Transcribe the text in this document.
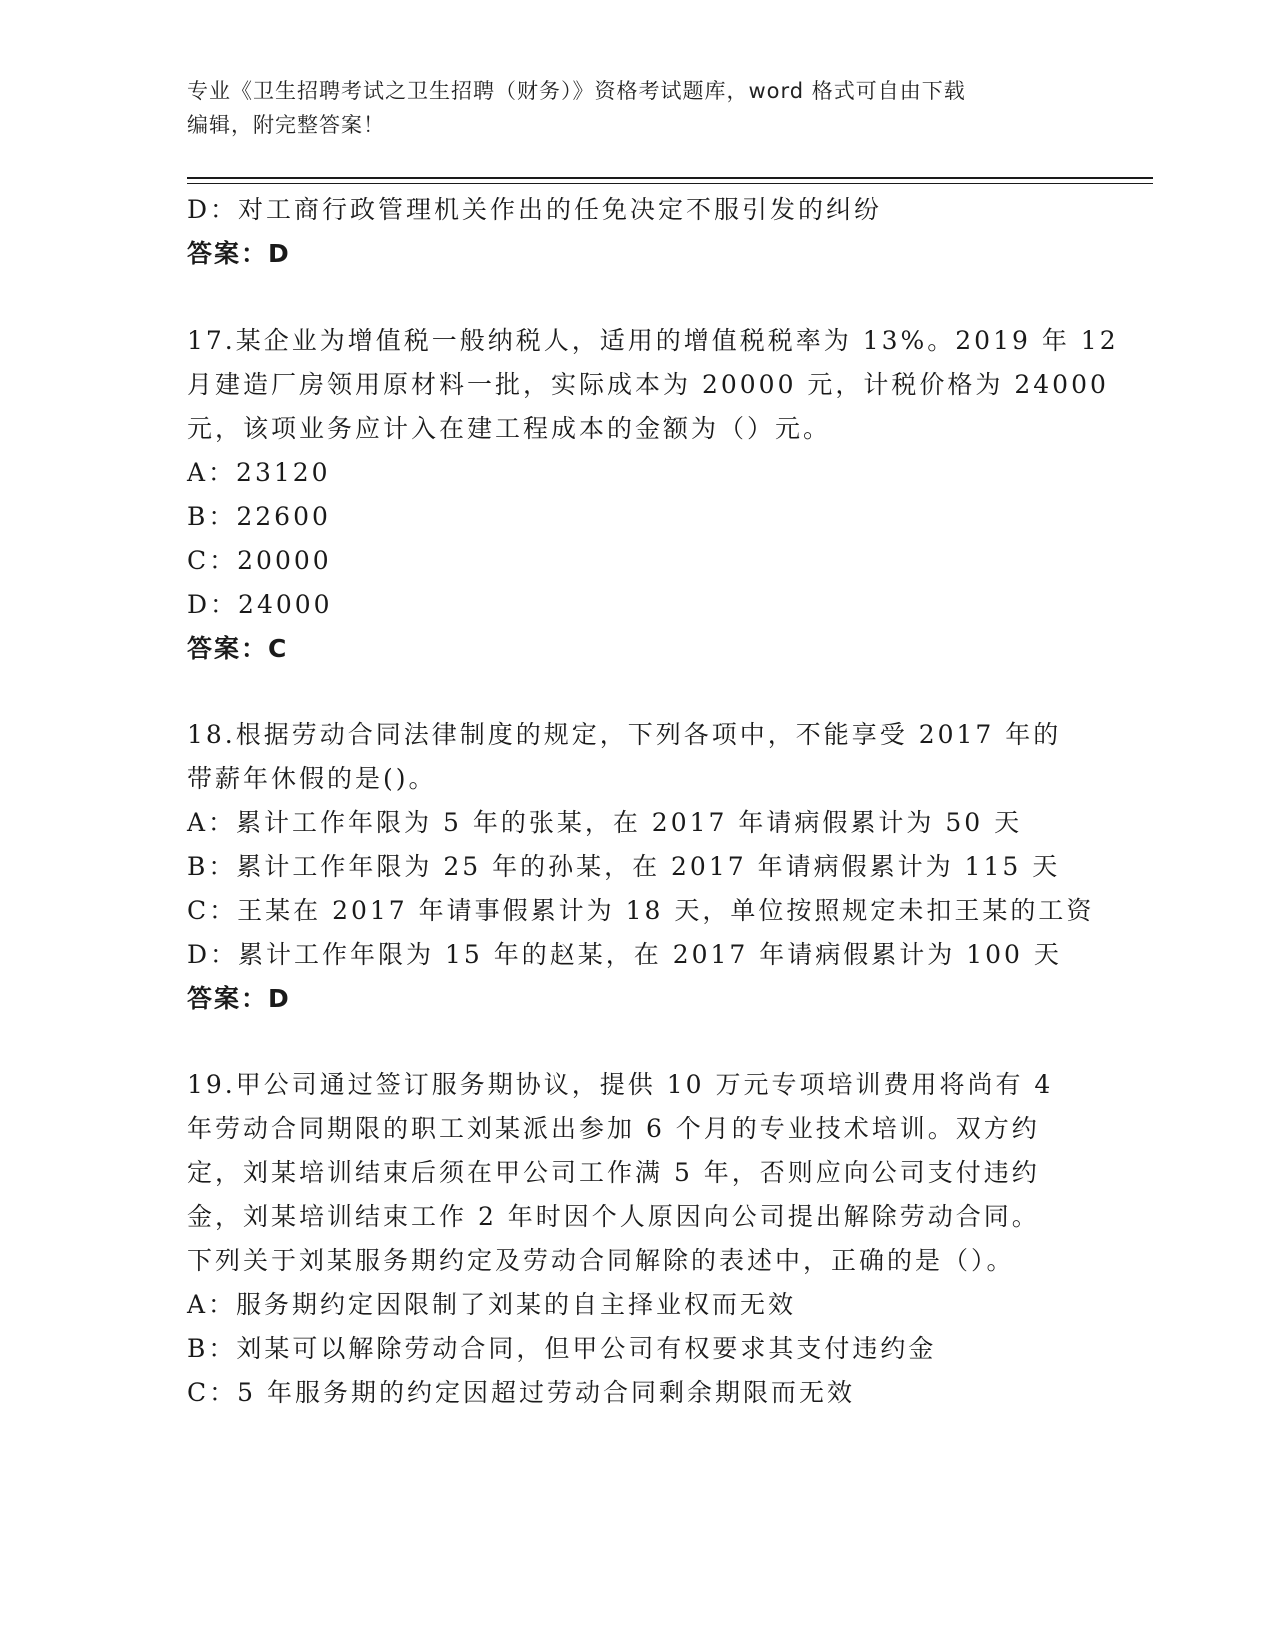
专业《卫生招聘考试之卫生招聘（财务）》资格考试题库，word 格式可自由下载
编辑，附完整答案！
D：对工商行政管理机关作出的任免决定不服引发的纠纷
答案：D
17.某企业为增值税一般纳税人，适用的增值税税率为 13%。2019 年 12
月建造厂房领用原材料一批，实际成本为 20000 元，计税价格为 24000
元，该项业务应计入在建工程成本的金额为（）元。
A：23120
B：22600
C：20000
D：24000
答案：C
18.根据劳动合同法律制度的规定，下列各项中，不能享受 2017 年的
带薪年休假的是()。
A：累计工作年限为 5 年的张某，在 2017 年请病假累计为 50 天
B：累计工作年限为 25 年的孙某，在 2017 年请病假累计为 115 天
C：王某在 2017 年请事假累计为 18 天，单位按照规定未扣王某的工资
D：累计工作年限为 15 年的赵某，在 2017 年请病假累计为 100 天
答案：D
19.甲公司通过签订服务期协议，提供 10 万元专项培训费用将尚有 4
年劳动合同期限的职工刘某派出参加 6 个月的专业技术培训。双方约
定，刘某培训结束后须在甲公司工作满 5 年，否则应向公司支付违约
金，刘某培训结束工作 2 年时因个人原因向公司提出解除劳动合同。
下列关于刘某服务期约定及劳动合同解除的表述中，正确的是（）。
A：服务期约定因限制了刘某的自主择业权而无效
B：刘某可以解除劳动合同，但甲公司有权要求其支付违约金
C：5 年服务期的约定因超过劳动合同剩余期限而无效
